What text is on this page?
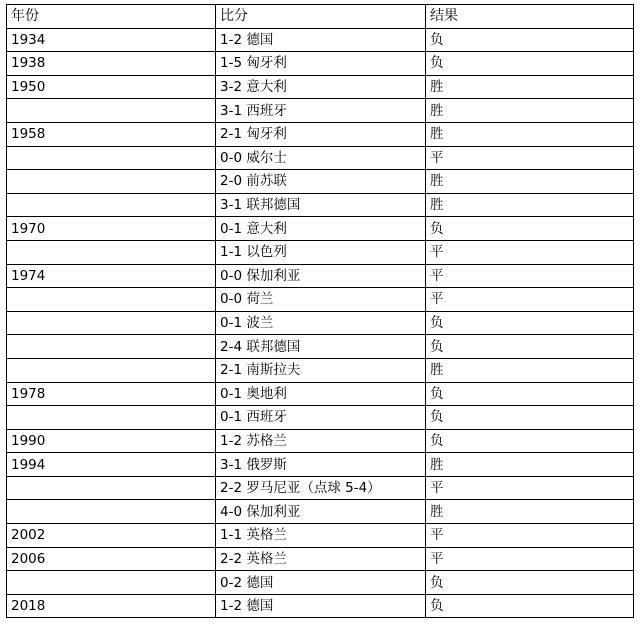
年份	比分	结果
1934	1-2 德国	负
1938	1-5 匈牙利	负
1950	3-2 意大利	胜
	3-1 西班牙	胜
1958	2-1 匈牙利	胜
	0-0 威尔士	平
	2-0 前苏联	胜
	3-1 联邦德国	胜
1970	0-1 意大利	负
	1-1 以色列	平
1974	0-0 保加利亚	平
	0-0 荷兰	平
	0-1 波兰	负
	2-4 联邦德国	负
	2-1 南斯拉夫	胜
1978	0-1 奥地利	负
	0-1 西班牙	负
1990	1-2 苏格兰	负
1994	3-1 俄罗斯	胜
	2-2 罗马尼亚（点球 5-4）	平
	4-0 保加利亚	胜
2002	1-1 英格兰	平
2006	2-2 英格兰	平
	0-2 德国	负
2018	1-2 德国	负
